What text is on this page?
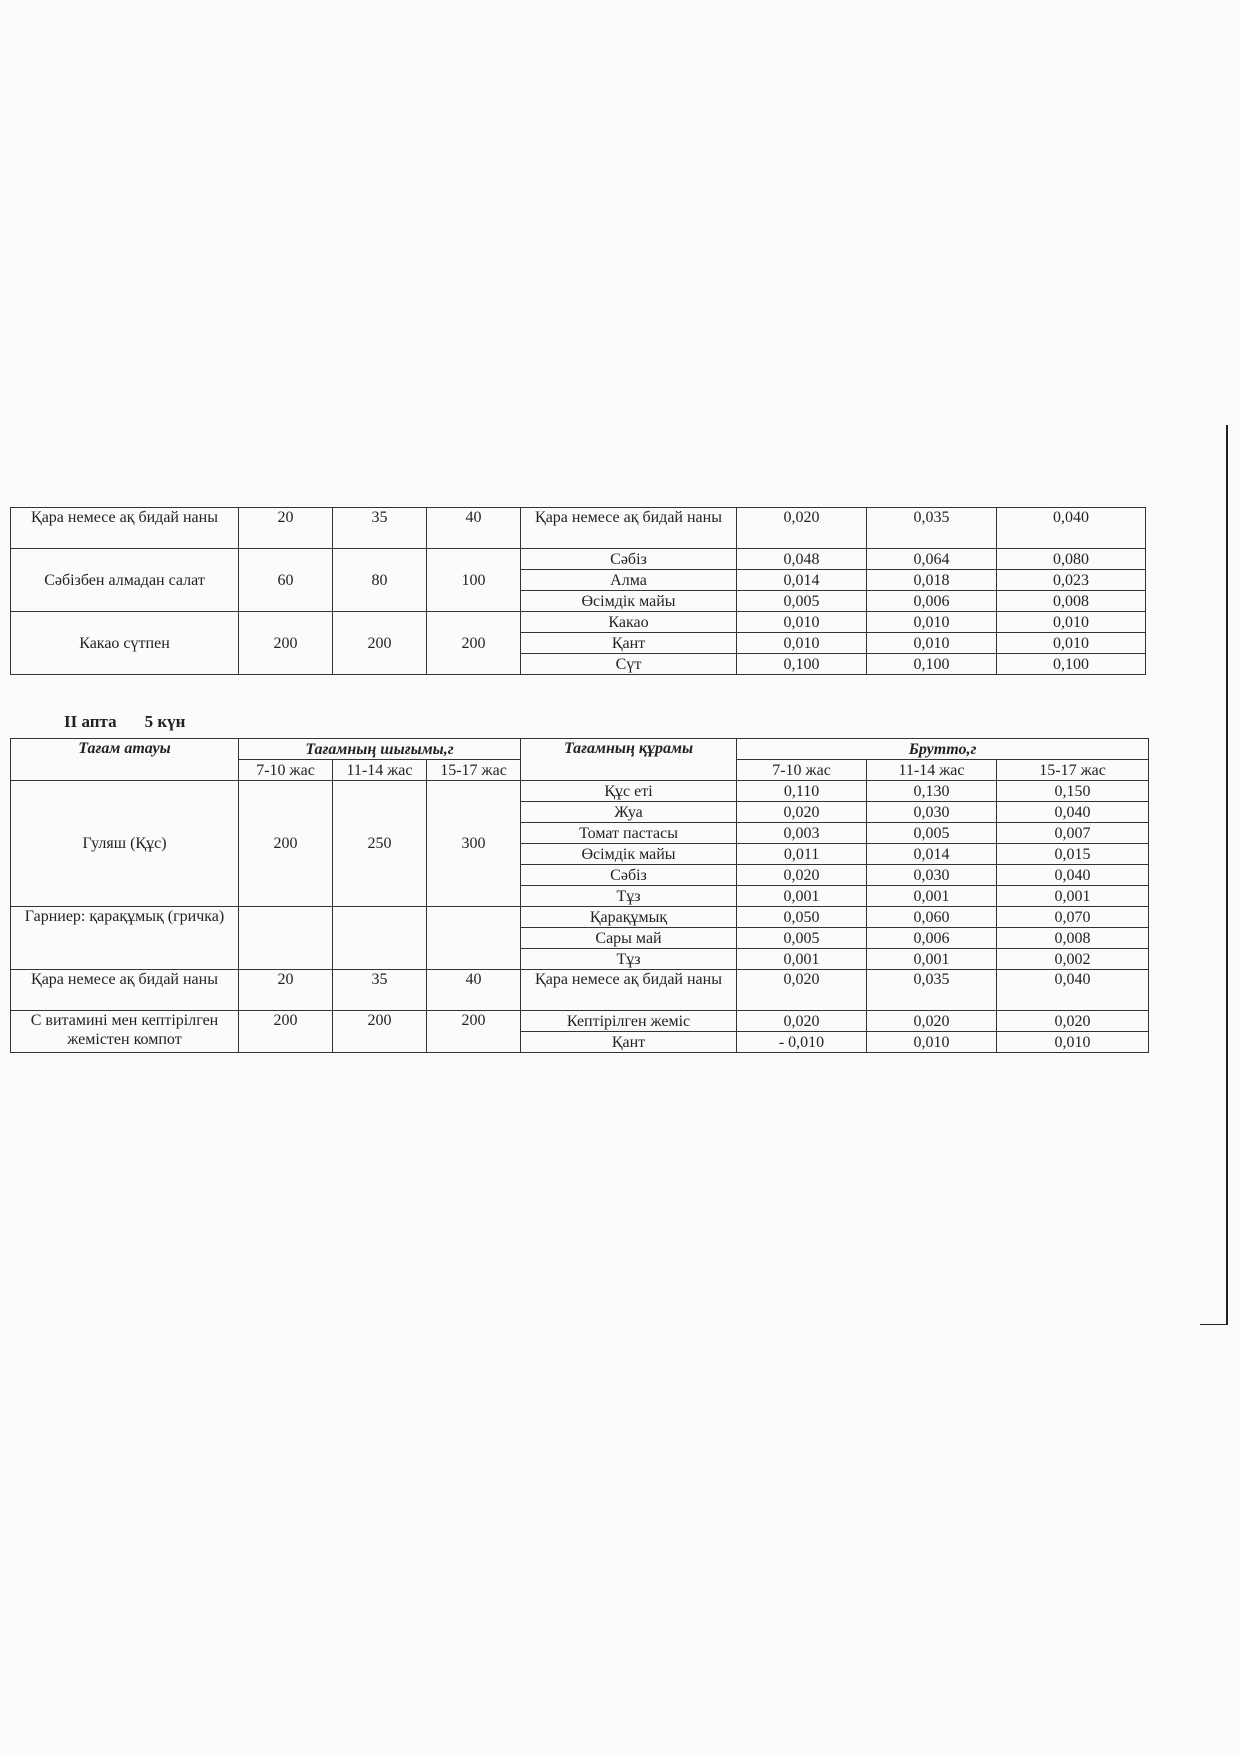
Қара немесе ақ бидай наны	20	35	40	Қара немесе ақ бидай наны	0,020	0,035	0,040
Сәбізбен алмадан салат	60	80	100	Сәбіз	0,048	0,064	0,080
				Алма	0,014	0,018	0,023
				Өсімдік майы	0,005	0,006	0,008
Какао сүтпен	200	200	200	Какао	0,010	0,010	0,010
				Қант	0,010	0,010	0,010
				Сүт	0,100	0,100	0,100
II апта 5 күн
Тағам атауы	Тағамның шығымы,г			Тағамның құрамы	Брутто,г		
	7-10 жас	11-14 жас	15-17 жас		7-10 жас	11-14 жас	15-17 жас
Гуляш (Құс)	200	250	300	Құс еті	0,110	0,130	0,150
				Жуа	0,020	0,030	0,040
				Томат пастасы	0,003	0,005	0,007
				Өсімдік майы	0,011	0,014	0,015
				Сәбіз	0,020	0,030	0,040
				Тұз	0,001	0,001	0,001
Гарниер: қарақұмық (гричка)				Қарақұмық	0,050	0,060	0,070
				Сары май	0,005	0,006	0,008
				Тұз	0,001	0,001	0,002
Қара немесе ақ бидай наны	20	35	40	Қара немесе ақ бидай наны	0,020	0,035	0,040
С витамині мен кептірілген жемістен компот	200	200	200	Кептірілген жеміс	0,020	0,020	0,020
				Қант	- 0,010	0,010	0,010
